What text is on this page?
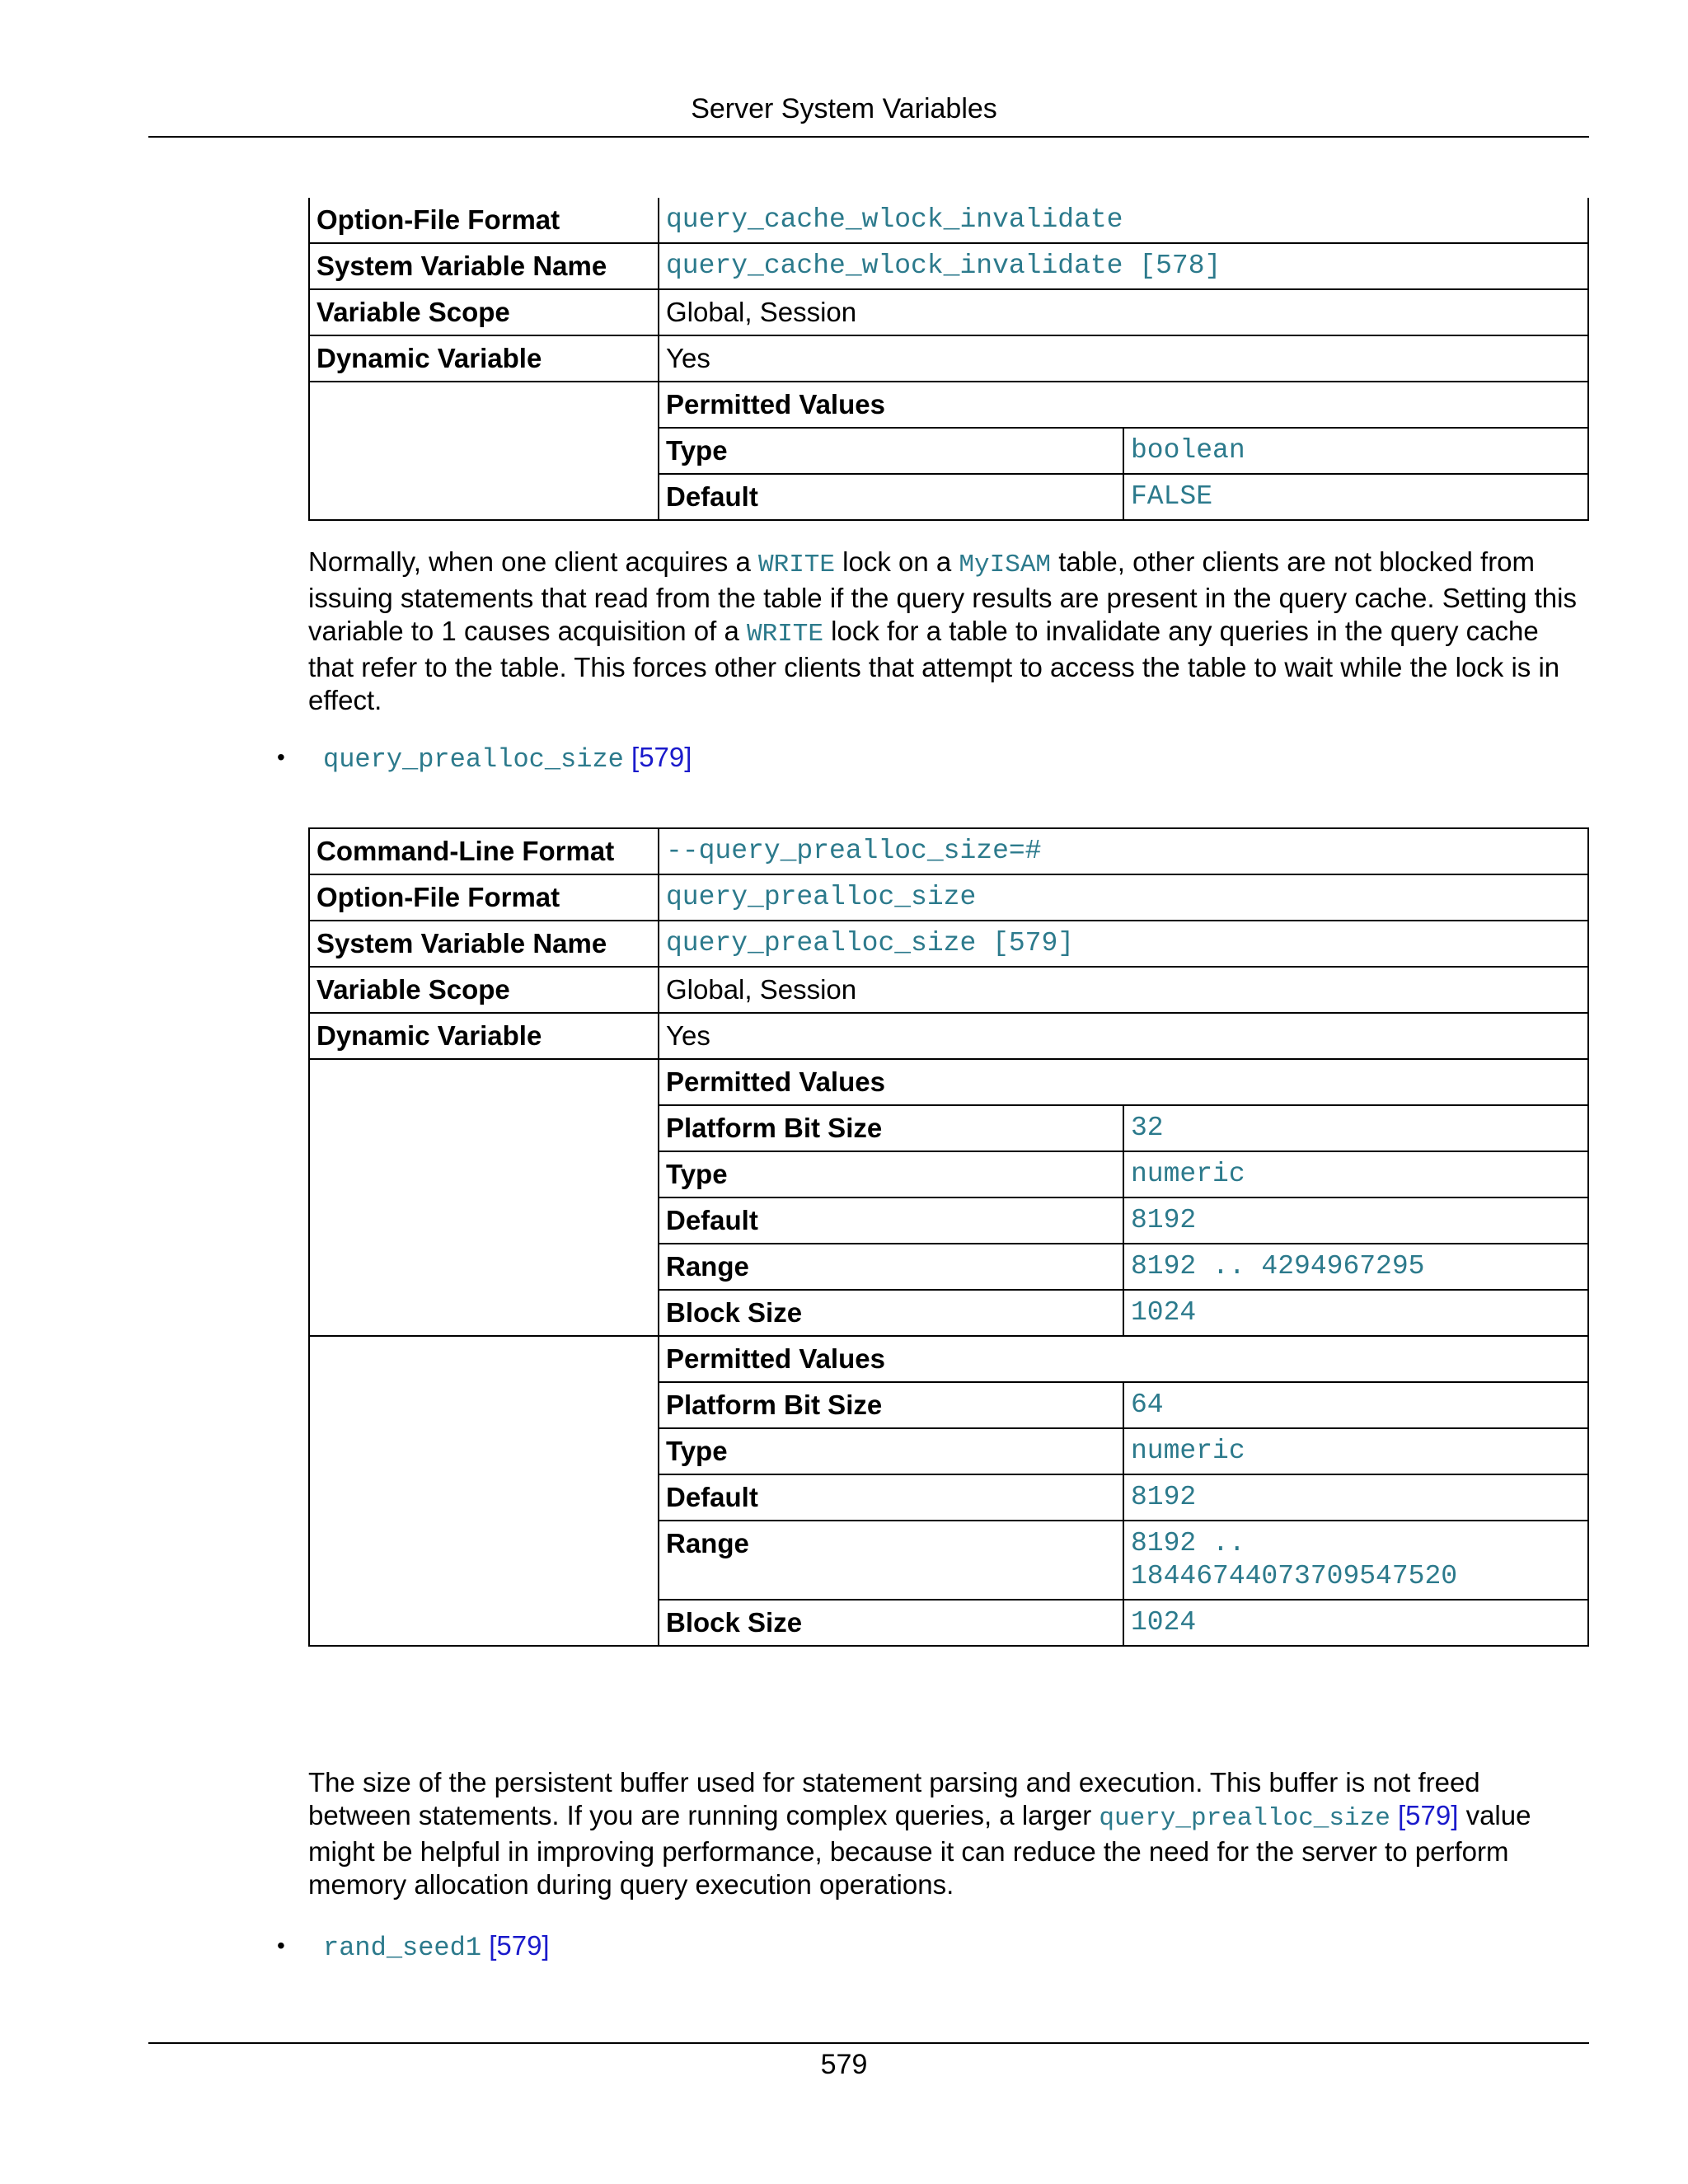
Server System Variables
Option-File Format	query_cache_wlock_invalidate
System Variable Name	query_cache_wlock_invalidate [578]
Variable Scope	Global, Session
Dynamic Variable	Yes

Permitted Values
Type	boolean
Default	FALSE
Normally, when one client acquires a WRITE lock on a MyISAM table, other clients are not blocked from issuing statements that read from the table if the query results are present in the query cache. Setting this variable to 1 causes acquisition of a WRITE lock for a table to invalidate any queries in the query cache that refer to the table. This forces other clients that attempt to access the table to wait while the lock is in effect.
• query_prealloc_size [579]
Command-Line Format	--query_prealloc_size=#
Option-File Format	query_prealloc_size
System Variable Name	query_prealloc_size [579]
Variable Scope	Global, Session
Dynamic Variable	Yes

Permitted Values
Platform Bit Size	32
Type	numeric
Default	8192
Range	8192 .. 4294967295
Block Size	1024

Permitted Values
Platform Bit Size	64
Type	numeric
Default	8192
Range	8192 .. 18446744073709547520
Block Size	1024
The size of the persistent buffer used for statement parsing and execution. This buffer is not freed between statements. If you are running complex queries, a larger query_prealloc_size [579] value might be helpful in improving performance, because it can reduce the need for the server to perform memory allocation during query execution operations.
• rand_seed1 [579]
579
